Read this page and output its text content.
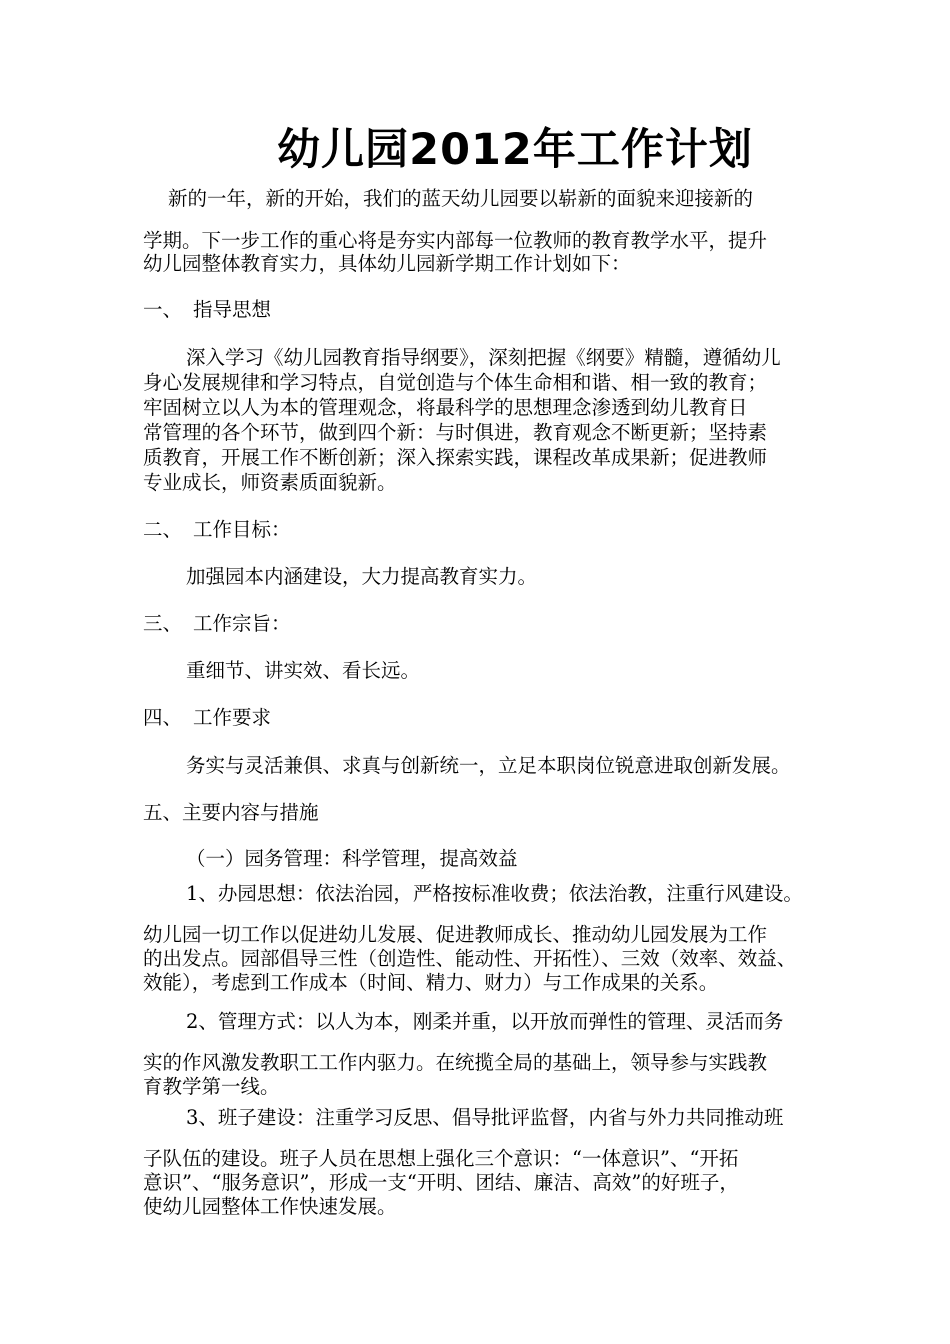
幼儿园2012年工作计划
新的一年，新的开始，我们的蓝天幼儿园要以崭新的面貌来迎接新的
学期。下一步工作的重心将是夯实内部每一位教师的教育教学水平，提升
幼儿园整体教育实力，具体幼儿园新学期工作计划如下：
一、 指导思想
深入学习《幼儿园教育指导纲要》，深刻把握《纲要》精髓，遵循幼儿
身心发展规律和学习特点，自觉创造与个体生命相和谐、相一致的教育；
牢固树立以人为本的管理观念，将最科学的思想理念渗透到幼儿教育日
常管理的各个环节，做到四个新：与时俱进，教育观念不断更新；坚持素
质教育，开展工作不断创新；深入探索实践，课程改革成果新；促进教师
专业成长，师资素质面貌新。
二、 工作目标：
加强园本内涵建设，大力提高教育实力。
三、 工作宗旨：
重细节、讲实效、看长远。
四、 工作要求
务实与灵活兼俱、求真与创新统一，立足本职岗位锐意进取创新发展。
五、主要内容与措施
（一）园务管理：科学管理，提高效益
1、办园思想：依法治园，严格按标准收费；依法治教，注重行风建设。
幼儿园一切工作以促进幼儿发展、促进教师成长、推动幼儿园发展为工作
的出发点。园部倡导三性（创造性、能动性、开拓性）、三效（效率、效益、
效能），考虑到工作成本（时间、精力、财力）与工作成果的关系。
2、管理方式：以人为本，刚柔并重，以开放而弹性的管理、灵活而务
实的作风激发教职工工作内驱力。在统揽全局的基础上，领导参与实践教
育教学第一线。
3、班子建设：注重学习反思、倡导批评监督，内省与外力共同推动班
子队伍的建设。班子人员在思想上强化三个意识：“一体意识”、“开拓
意识”、“服务意识”，形成一支“开明、团结、廉洁、高效”的好班子，
使幼儿园整体工作快速发展。
